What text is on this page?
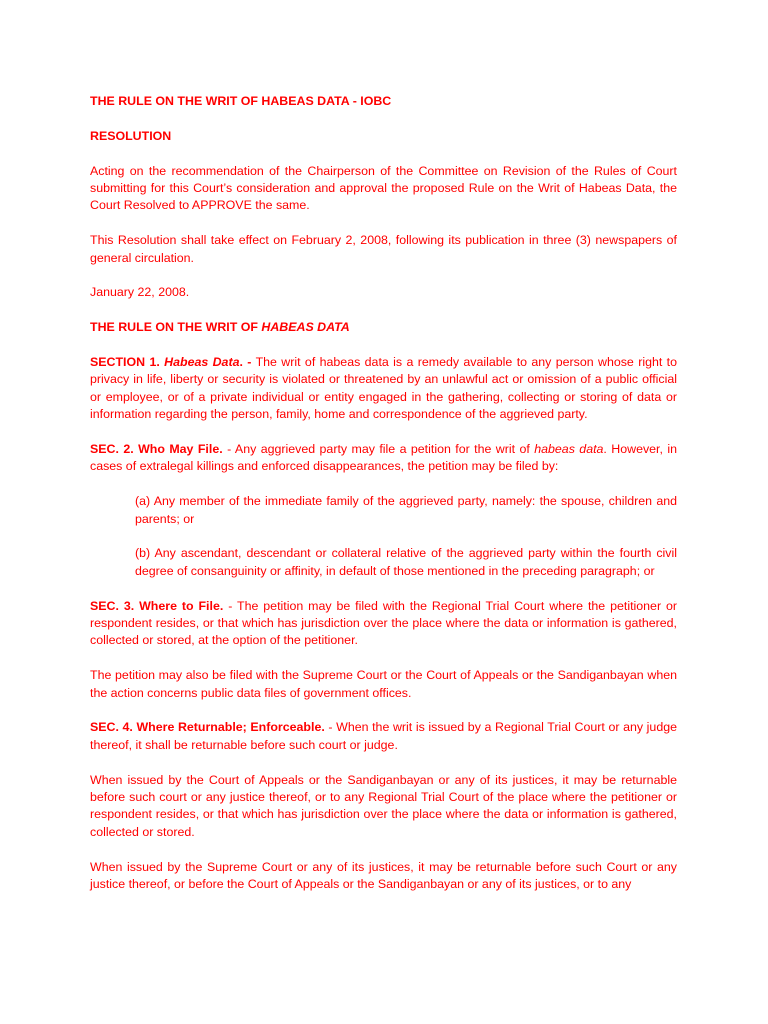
THE RULE ON THE WRIT OF HABEAS DATA - IOBC

RESOLUTION

Acting on the recommendation of the Chairperson of the Committee on Revision of the Rules of Court submitting for this Court’s consideration and approval the proposed Rule on the Writ of Habeas Data, the Court Resolved to APPROVE the same.

This Resolution shall take effect on February 2, 2008, following its publication in three (3) newspapers of general circulation.

January 22, 2008.

THE RULE ON THE WRIT OF HABEAS DATA

SECTION 1. Habeas Data. - The writ of habeas data is a remedy available to any person whose right to privacy in life, liberty or security is violated or threatened by an unlawful act or omission of a public official or employee, or of a private individual or entity engaged in the gathering, collecting or storing of data or information regarding the person, family, home and correspondence of the aggrieved party.

SEC. 2. Who May File. - Any aggrieved party may file a petition for the writ of habeas data. However, in cases of extralegal killings and enforced disappearances, the petition may be filed by:

(a) Any member of the immediate family of the aggrieved party, namely: the spouse, children and parents; or

(b) Any ascendant, descendant or collateral relative of the aggrieved party within the fourth civil degree of consanguinity or affinity, in default of those mentioned in the preceding paragraph; or

SEC. 3. Where to File. - The petition may be filed with the Regional Trial Court where the petitioner or respondent resides, or that which has jurisdiction over the place where the data or information is gathered, collected or stored, at the option of the petitioner.

The petition may also be filed with the Supreme Court or the Court of Appeals or the Sandiganbayan when the action concerns public data files of government offices.

SEC. 4. Where Returnable; Enforceable. - When the writ is issued by a Regional Trial Court or any judge thereof, it shall be returnable before such court or judge.

When issued by the Court of Appeals or the Sandiganbayan or any of its justices, it may be returnable before such court or any justice thereof, or to any Regional Trial Court of the place where the petitioner or respondent resides, or that which has jurisdiction over the place where the data or information is gathered, collected or stored.

When issued by the Supreme Court or any of its justices, it may be returnable before such Court or any justice thereof, or before the Court of Appeals or the Sandiganbayan or any of its justices, or to any
